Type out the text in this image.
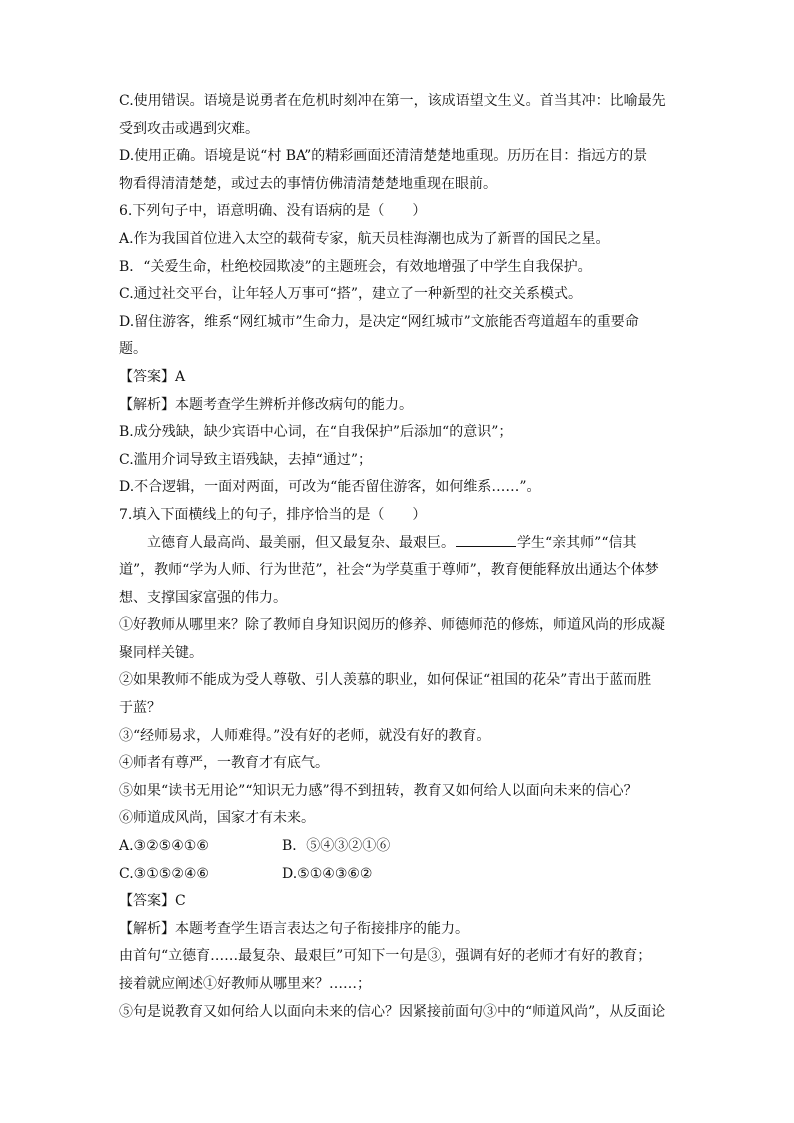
C.使用错误。语境是说勇者在危机时刻冲在第一，该成语望文生义。首当其冲：比喻最先
受到攻击或遇到灾难。
D.使用正确。语境是说“村 BA”的精彩画面还清清楚楚地重现。历历在目：指远方的景
物看得清清楚楚，或过去的事情仿佛清清楚楚地重现在眼前。
6.下列句子中，语意明确、没有语病的是（　　）
A.作为我国首位进入太空的载荷专家，航天员桂海潮也成为了新晋的国民之星。
B．“关爱生命，杜绝校园欺凌”的主题班会，有效地增强了中学生自我保护。
C.通过社交平台，让年轻人万事可“搭”，建立了一种新型的社交关系模式。
D.留住游客，维系“网红城市”生命力，是决定“网红城市”文旅能否弯道超车的重要命
题。
【答案】A
【解析】本题考查学生辨析并修改病句的能力。
B.成分残缺，缺少宾语中心词，在“自我保护”后添加“的意识”；
C.滥用介词导致主语残缺，去掉“通过”；
D.不合逻辑，一面对两面，可改为“能否留住游客，如何维系……”。
7.填入下面横线上的句子，排序恰当的是（　　）
立德育人最高尚、最美丽，但又最复杂、最艰巨。	学生“亲其师”“信其
道”，教师“学为人师、行为世范”，社会“为学莫重于尊师”，教育便能释放出通达个体梦
想、支撑国家富强的伟力。
①好教师从哪里来？除了教师自身知识阅历的修养、师德师范的修炼，师道风尚的形成凝
聚同样关键。
②如果教师不能成为受人尊敬、引人羡慕的职业，如何保证“祖国的花朵”青出于蓝而胜
于蓝？
③“经师易求，人师难得。”没有好的老师，就没有好的教育。
④师者有尊严，一教育才有底气。
⑤如果“读书无用论”“知识无力感”得不到扭转，教育又如何给人以面向未来的信心？
⑥师道成风尚，国家才有未来。
A.③②⑤④①⑥	B．⑤④③②①⑥
C.③①⑤②④⑥	D.⑤①④③⑥②
【答案】C
【解析】本题考查学生语言表达之句子衔接排序的能力。
由首句“立德育……最复杂、最艰巨”可知下一句是③，强调有好的老师才有好的教育；
接着就应阐述①好教师从哪里来？……；
⑤句是说教育又如何给人以面向未来的信心？因紧接前面句③中的“师道风尚”，从反面论
